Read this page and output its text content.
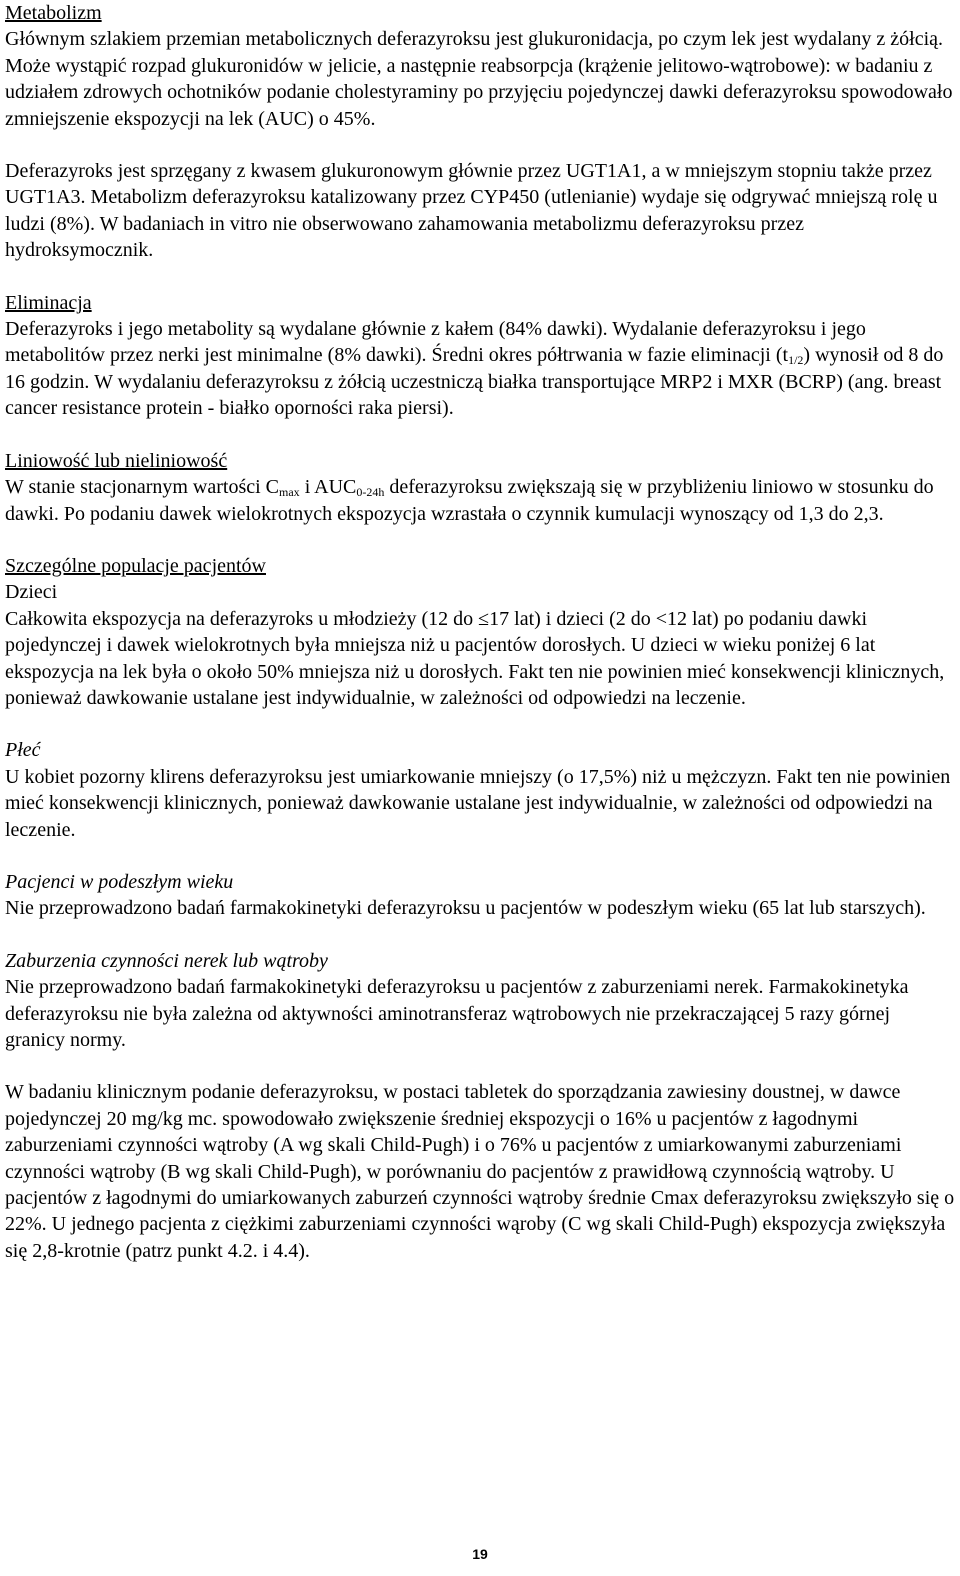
Metabolizm
Głównym szlakiem przemian metabolicznych deferazyroksu jest glukuronidacja, po czym lek jest wydalany z żółcią. Może wystąpić rozpad glukuronidów w jelicie, a następnie reabsorpcja (krążenie jelitowo-wątrobowe): w badaniu z udziałem zdrowych ochotników podanie cholestyraminy po przyjęciu pojedynczej dawki deferazyroksu spowodowało zmniejszenie ekspozycji na lek (AUC) o 45%.
Deferazyroks jest sprzęgany z kwasem glukuronowym głównie przez UGT1A1, a w mniejszym stopniu także przez UGT1A3. Metabolizm deferazyroksu katalizowany przez CYP450 (utlenianie) wydaje się odgrywać mniejszą rolę u ludzi (8%). W badaniach in vitro nie obserwowano zahamowania metabolizmu deferazyroksu przez hydroksymocznik.
Eliminacja
Deferazyroks i jego metabolity są wydalane głównie z kałem (84% dawki). Wydalanie deferazyroksu i jego metabolitów przez nerki jest minimalne (8% dawki). Średni okres półtrwania w fazie eliminacji $(t_{1/2})$ wynosił od 8 do 16 godzin. W wydalaniu deferazyroksu z żółcią uczestniczą białka transportujące MRP2 i MXR (BCRP) (ang. breast cancer resistance protein - białko oporności raka piersi).
Liniowość lub nieliniowość
W stanie stacjonarnym wartości $C_{max}$ i $AUC_{0-24h}$ deferazyroksu zwiększają się w przybliżeniu liniowo w stosunku do dawki. Po podaniu dawek wielokrotnych ekspozycja wzrastała o czynnik kumulacji wynoszący od 1,3 do 2,3.
Szczególne populacje pacjentów
Dzieci
Całkowita ekspozycja na deferazyroks u młodzieży (12 do ≤17 lat) i dzieci (2 do <12 lat) po podaniu dawki pojedynczej i dawek wielokrotnych była mniejsza niż u pacjentów dorosłych. U dzieci w wieku poniżej 6 lat ekspozycja na lek była o około 50% mniejsza niż u dorosłych. Fakt ten nie powinien mieć konsekwencji klinicznych, ponieważ dawkowanie ustalane jest indywidualnie, w zależności od odpowiedzi na leczenie.
Płeć
U kobiet pozorny klirens deferazyroksu jest umiarkowanie mniejszy (o 17,5%) niż u mężczyzn. Fakt ten nie powinien mieć konsekwencji klinicznych, ponieważ dawkowanie ustalane jest indywidualnie, w zależności od odpowiedzi na leczenie.
Pacjenci w podeszłym wieku
Nie przeprowadzono badań farmakokinetyki deferazyroksu u pacjentów w podeszłym wieku (65 lat lub starszych).
Zaburzenia czynności nerek lub wątroby
Nie przeprowadzono badań farmakokinetyki deferazyroksu u pacjentów z zaburzeniami nerek. Farmakokinetyka deferazyroksu nie była zależna od aktywności aminotransferaz wątrobowych nie przekraczającej 5 razy górnej granicy normy.
W badaniu klinicznym podanie deferazyroksu, w postaci tabletek do sporządzania zawiesiny doustnej, w dawce pojedynczej 20 mg/kg mc. spowodowało zwiększenie średniej ekspozycji o 16% u pacjentów z łagodnymi zaburzeniami czynności wątroby (A wg skali Child-Pugh) i o 76% u pacjentów z umiarkowanymi zaburzeniami czynności wątroby (B wg skali Child-Pugh), w porównaniu do pacjentów z prawidłową czynnością wątroby. U pacjentów z łagodnymi do umiarkowanych zaburzeń czynności wątroby średnie Cmax deferazyroksu zwiększyło się o 22%. U jednego pacjenta z ciężkimi zaburzeniami czynności wąroby (C wg skali Child-Pugh) ekspozycja zwiększyła się 2,8-krotnie (patrz punkt 4.2. i 4.4).
19
